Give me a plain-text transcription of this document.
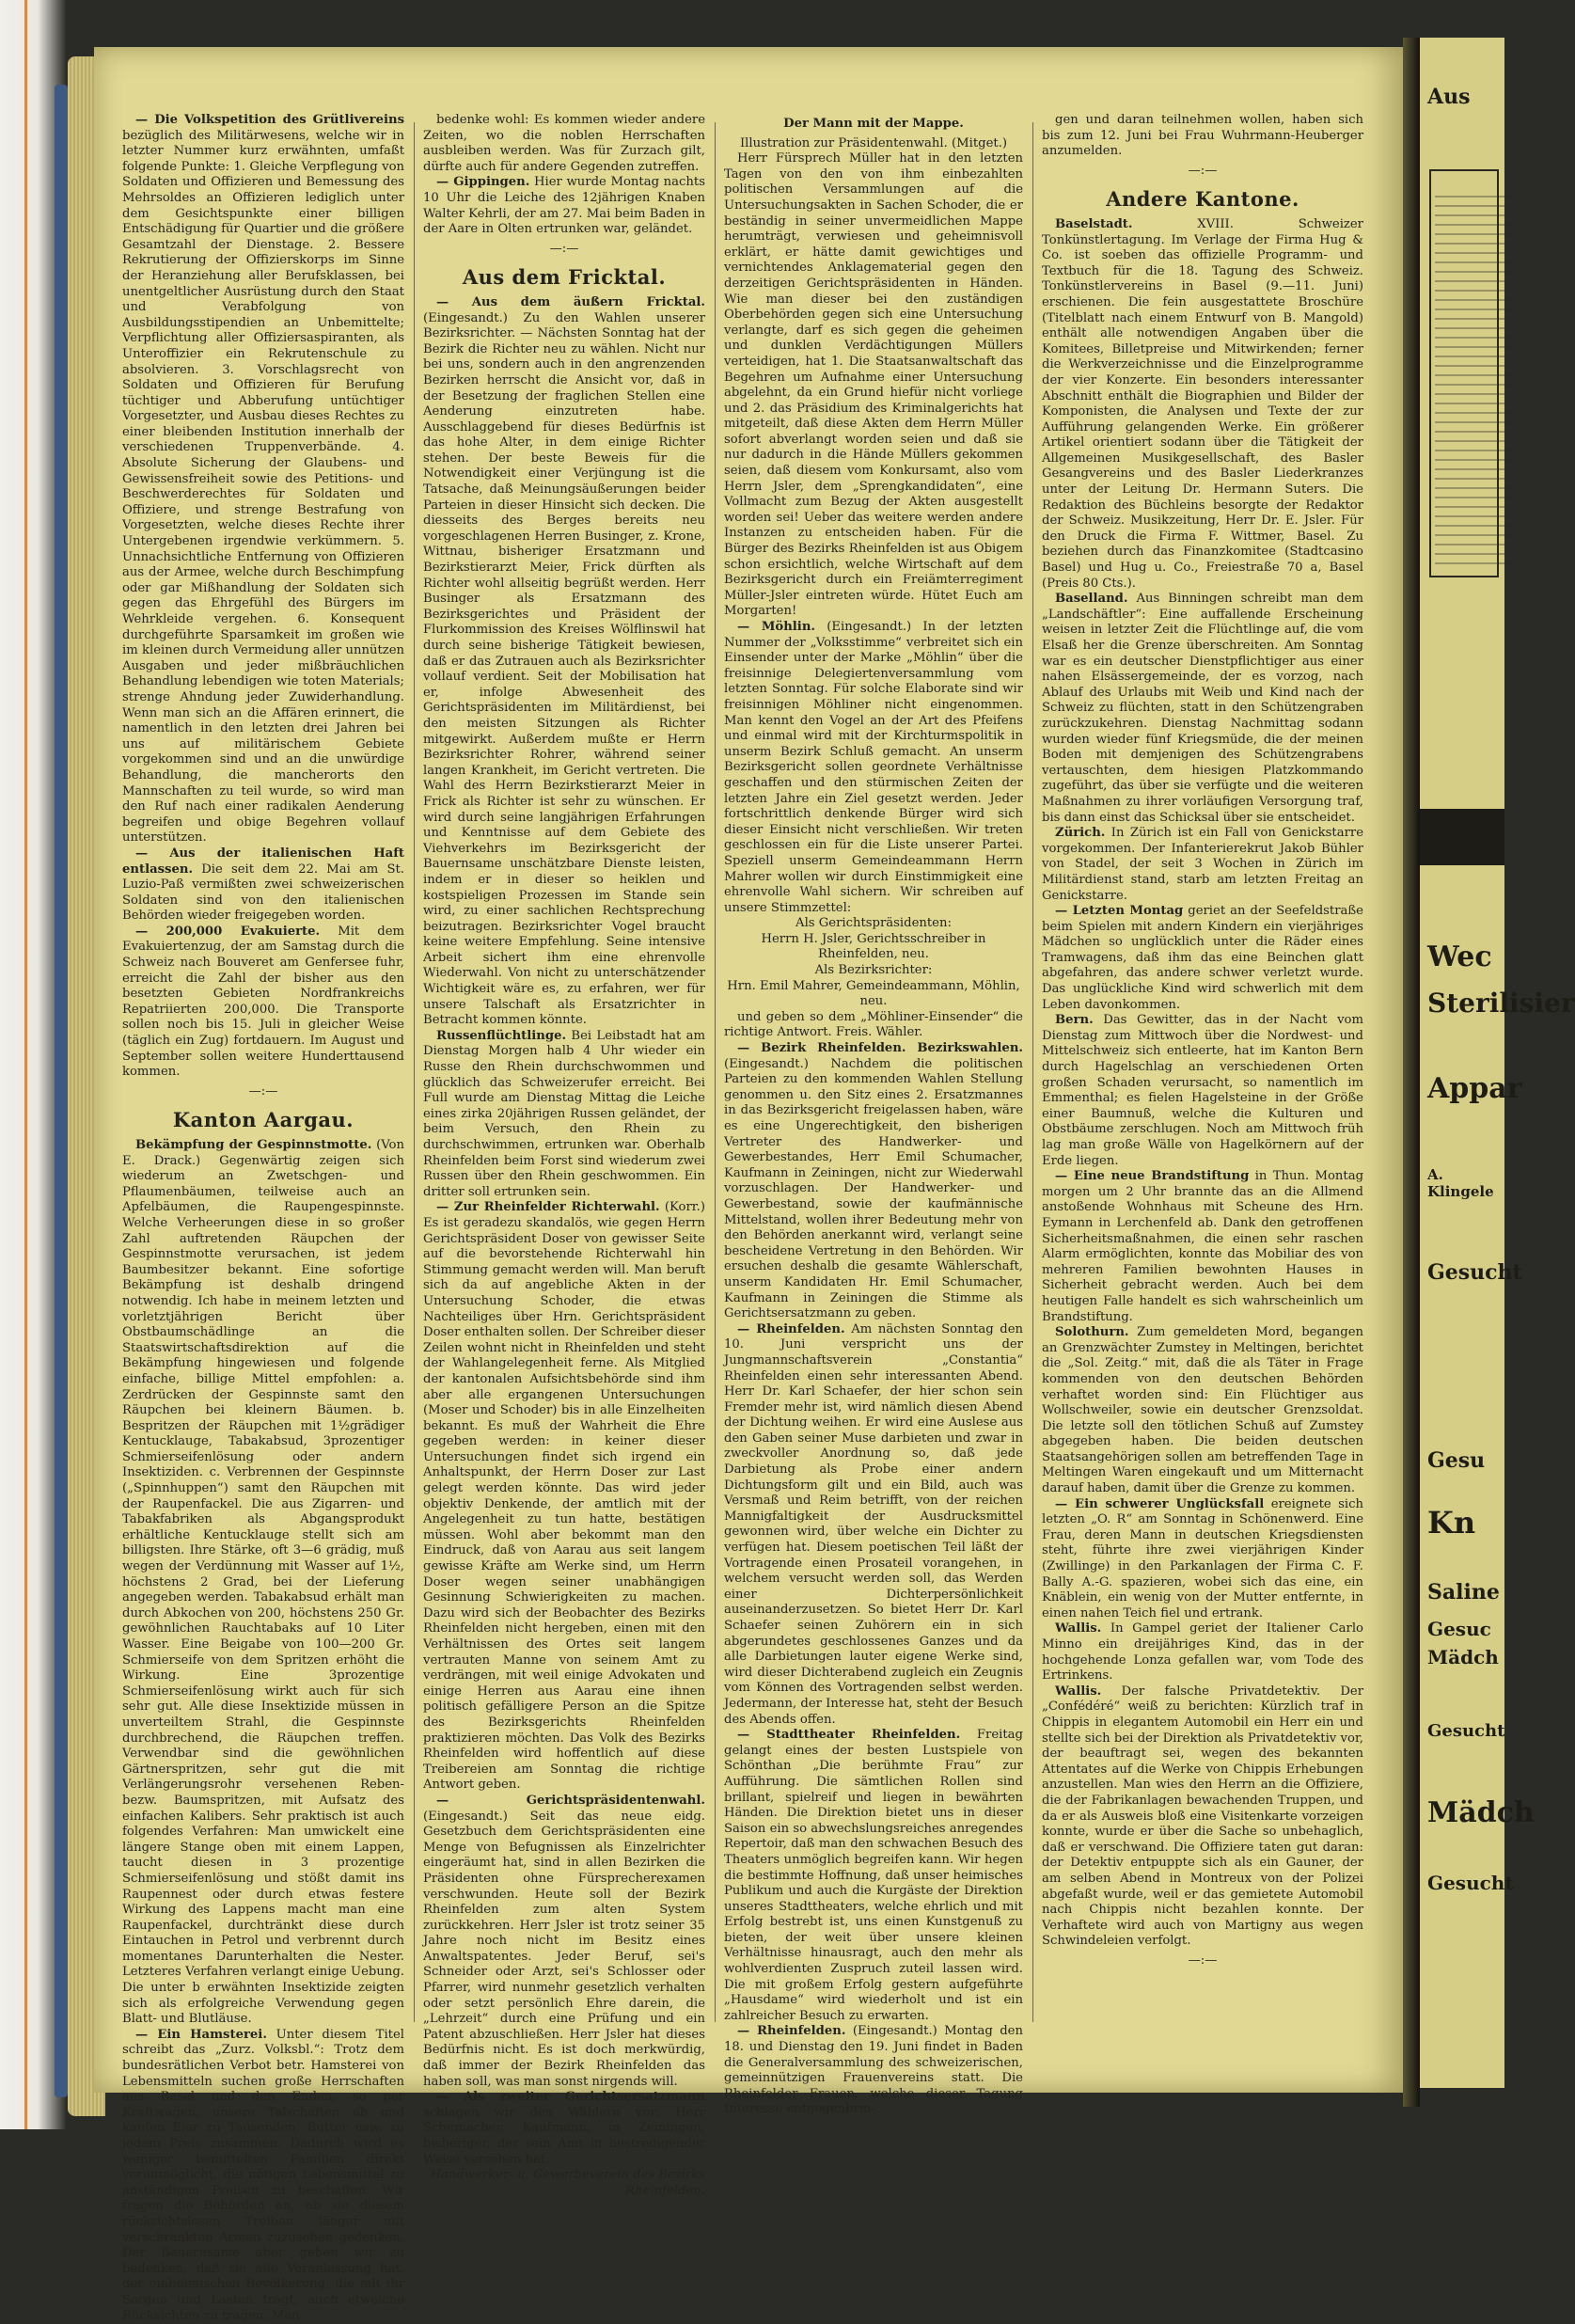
— Die Volkspetition des Grütlivereins bezüglich des Militärwesens, welche wir in letzter Nummer kurz erwähnten, umfaßt folgende Punkte: 1. Gleiche Verpflegung von Soldaten und Offizieren und Bemessung des Mehrsoldes an Offizieren lediglich unter dem Gesichtspunkte einer billigen Entschädigung für Quartier und die größere Gesamtzahl der Dienstage. 2. Bessere Rekrutierung der Offizierskorps im Sinne der Heranziehung aller Berufsklassen, bei unentgeltlicher Ausrüstung durch den Staat und Verabfolgung von Ausbildungsstipendien an Unbemittelte; Verpflichtung aller Offiziersaspiranten, als Unteroffizier ein Rekrutenschule zu absolvieren. 3. Vorschlagsrecht von Soldaten und Offizieren für Berufung tüchtiger und Abberufung untüchtiger Vorgesetzter, und Ausbau dieses Rechtes zu einer bleibenden Institution innerhalb der verschiedenen Truppenverbände. 4. Absolute Sicherung der Glaubens- und Gewissensfreiheit sowie des Petitions- und Beschwerderechtes für Soldaten und Offiziere, und strenge Bestrafung von Vorgesetzten, welche dieses Rechte ihrer Untergebenen irgendwie verkümmern. 5. Unnachsichtliche Entfernung von Offizieren aus der Armee, welche durch Beschimpfung oder gar Mißhandlung der Soldaten sich gegen das Ehrgefühl des Bürgers im Wehrkleide vergehen. 6. Konsequent durchgeführte Sparsamkeit im großen wie im kleinen durch Vermeidung aller unnützen Ausgaben und jeder mißbräuchlichen Behandlung lebendigen wie toten Materials; strenge Ahndung jeder Zuwiderhandlung. Wenn man sich an die Affären erinnert, die namentlich in den letzten drei Jahren bei uns auf militärischem Gebiete vorgekommen sind und an die unwürdige Behandlung, die mancherorts den Mannschaften zu teil wurde, so wird man den Ruf nach einer radikalen Aenderung begreifen und obige Begehren vollauf unterstützen.

— Aus der italienischen Haft entlassen. Die seit dem 22. Mai am St. Luzio-Paß vermißten zwei schweizerischen Soldaten sind von den italienischen Behörden wieder freigegeben worden.

— 200,000 Evakuierte. Mit dem Evakuiertenzug, der am Samstag durch die Schweiz nach Bouveret am Genfersee fuhr, erreicht die Zahl der bisher aus den besetzten Gebieten Nordfrankreichs Repatriierten 200,000. Die Transporte sollen noch bis 15. Juli in gleicher Weise (täglich ein Zug) fortdauern. Im August und September sollen weitere Hunderttausend kommen.

—:—
Kanton Aargau.

Bekämpfung der Gespinnstmotte. (Von E. Drack.) Gegenwärtig zeigen sich wiederum an Zwetschgen- und Pflaumenbäumen, teilweise auch an Apfelbäumen, die Raupengespinnste. Welche Verheerungen diese in so großer Zahl auftretenden Räupchen der Gespinnstmotte verursachen, ist jedem Baumbesitzer bekannt. Eine sofortige Bekämpfung ist deshalb dringend notwendig. Ich habe in meinem letzten und vorletztjährigen Bericht über Obstbaumschädlinge an die Staatswirtschaftsdirektion auf die Bekämpfung hingewiesen und folgende einfache, billige Mittel empfohlen: a. Zerdrücken der Gespinnste samt den Räupchen bei kleinern Bäumen. b. Bespritzen der Räupchen mit 1½grädiger Kentucklauge, Tabakabsud, 3prozentiger Schmierseifenlösung oder andern Insektiziden. c. Verbrennen der Gespinnste („Spinnhuppen“) samt den Räupchen mit der Raupenfackel. Die aus Zigarren- und Tabakfabriken als Abgangsprodukt erhältliche Kentucklauge stellt sich am billigsten. Ihre Stärke, oft 3—6 grädig, muß wegen der Verdünnung mit Wasser auf 1½, höchstens 2 Grad, bei der Lieferung angegeben werden. Tabakabsud erhält man durch Abkochen von 200, höchstens 250 Gr. gewöhnlichen Rauchtabaks auf 10 Liter Wasser. Eine Beigabe von 100—200 Gr. Schmierseife von dem Spritzen erhöht die Wirkung. Eine 3prozentige Schmierseifenlösung wirkt auch für sich sehr gut. Alle diese Insektizide müssen in unverteiltem Strahl, die Gespinnste durchbrechend, die Räupchen treffen. Verwendbar sind die gewöhnlichen Gärtnerspritzen, sehr gut die mit Verlängerungsrohr versehenen Reben- bezw. Baumspritzen, mit Aufsatz des einfachen Kalibers. Sehr praktisch ist auch folgendes Verfahren: Man umwickelt eine längere Stange oben mit einem Lappen, taucht diesen in 3 prozentige Schmierseifenlösung und stößt damit ins Raupennest oder durch etwas festere Wirkung des Lappens macht man eine Raupenfackel, durchtränkt diese durch Eintauchen in Petrol und verbrennt durch momentanes Darunterhalten die Nester. Letzteres Verfahren verlangt einige Uebung. Die unter b erwähnten Insektizide zeigten sich als erfolgreiche Verwendung gegen Blatt- und Blutläuse.

— Ein Hamsterei. Unter diesem Titel schreibt das „Zurz. Volksbl.“: Trotz dem bundesrätlichen Verbot betr. Hamsterei von Lebensmitteln suchen große Herrschaften aus Basel und den Enden, so per Kraftwagen, unsere Talschaften ab und kaufen Eier zu Tausenden, Butter usw. zu jedem Preis zusammen. Dadurch wird es weniger bemittelten Familien direkt verunmöglicht, die nötigen Lebensmittel zu anständigen Preisen zu beschaffen. Wir fragen die Behörden an, ob sie diesem rücksichtslosen Treiben länger mit verschränkten Armen zuzusehen gedenken. Der Bauernsame aber geben wir zu bedenken, daß sie alle Veranlassung hat, der einheimischen Bevölkerung, die mit ihr Sorgen und Lasten trägt, auch etwelche Rücksichten zu tragen. Man

bedenke wohl: Es kommen wieder andere Zeiten, wo die noblen Herrschaften ausbleiben werden. Was für Zurzach gilt, dürfte auch für andere Gegenden zutreffen.

— Gippingen. Hier wurde Montag nachts 10 Uhr die Leiche des 12jährigen Knaben Walter Kehrli, der am 27. Mai beim Baden in der Aare in Olten ertrunken war, geländet.

—:—
Aus dem Fricktal.

— Aus dem äußern Fricktal. (Eingesandt.) Zu den Wahlen unserer Bezirksrichter. — Nächsten Sonntag hat der Bezirk die Richter neu zu wählen. Nicht nur bei uns, sondern auch in den angrenzenden Bezirken herrscht die Ansicht vor, daß in der Besetzung der fraglichen Stellen eine Aenderung einzutreten habe. Ausschlaggebend für dieses Bedürfnis ist das hohe Alter, in dem einige Richter stehen. Der beste Beweis für die Notwendigkeit einer Verjüngung ist die Tatsache, daß Meinungsäußerungen beider Parteien in dieser Hinsicht sich decken. Die diesseits des Berges bereits neu vorgeschlagenen Herren Businger, z. Krone, Wittnau, bisheriger Ersatzmann und Bezirkstierarzt Meier, Frick dürften als Richter wohl allseitig begrüßt werden. Herr Businger als Ersatzmann des Bezirksgerichtes und Präsident der Flurkommission des Kreises Wölflinswil hat durch seine bisherige Tätigkeit bewiesen, daß er das Zutrauen auch als Bezirksrichter vollauf verdient. Seit der Mobilisation hat er, infolge Abwesenheit des Gerichtspräsidenten im Militärdienst, bei den meisten Sitzungen als Richter mitgewirkt. Außerdem mußte er Herrn Bezirksrichter Rohrer, während seiner langen Krankheit, im Gericht vertreten. Die Wahl des Herrn Bezirkstierarzt Meier in Frick als Richter ist sehr zu wünschen. Er wird durch seine langjährigen Erfahrungen und Kenntnisse auf dem Gebiete des Viehverkehrs im Bezirksgericht der Bauernsame unschätzbare Dienste leisten, indem er in dieser so heiklen und kostspieligen Prozessen im Stande sein wird, zu einer sachlichen Rechtsprechung beizutragen. Bezirksrichter Vogel braucht keine weitere Empfehlung. Seine intensive Arbeit sichert ihm eine ehrenvolle Wiederwahl. Von nicht zu unterschätzender Wichtigkeit wäre es, zu erfahren, wer für unsere Talschaft als Ersatzrichter in Betracht kommen könnte.

Russenflüchtlinge. Bei Leibstadt hat am Dienstag Morgen halb 4 Uhr wieder ein Russe den Rhein durchschwommen und glücklich das Schweizerufer erreicht. Bei Full wurde am Dienstag Mittag die Leiche eines zirka 20jährigen Russen geländet, der beim Versuch, den Rhein zu durchschwimmen, ertrunken war. Oberhalb Rheinfelden beim Forst sind wiederum zwei Russen über den Rhein geschwommen. Ein dritter soll ertrunken sein.

— Zur Rheinfelder Richterwahl. (Korr.) Es ist geradezu skandalös, wie gegen Herrn Gerichtspräsident Doser von gewisser Seite auf die bevorstehende Richterwahl hin Stimmung gemacht werden will. Man beruft sich da auf angebliche Akten in der Untersuchung Schoder, die etwas Nachteiliges über Hrn. Gerichtspräsident Doser enthalten sollen. Der Schreiber dieser Zeilen wohnt nicht in Rheinfelden und steht der Wahlangelegenheit ferne. Als Mitglied der kantonalen Aufsichtsbehörde sind ihm aber alle ergangenen Untersuchungen (Moser und Schoder) bis in alle Einzelheiten bekannt. Es muß der Wahrheit die Ehre gegeben werden: in keiner dieser Untersuchungen findet sich irgend ein Anhaltspunkt, der Herrn Doser zur Last gelegt werden könnte. Das wird jeder objektiv Denkende, der amtlich mit der Angelegenheit zu tun hatte, bestätigen müssen. Wohl aber bekommt man den Eindruck, daß von Aarau aus seit langem gewisse Kräfte am Werke sind, um Herrn Doser wegen seiner unabhängigen Gesinnung Schwierigkeiten zu machen. Dazu wird sich der Beobachter des Bezirks Rheinfelden nicht hergeben, einen mit den Verhältnissen des Ortes seit langem vertrauten Manne von seinem Amt zu verdrängen, mit weil einige Advokaten und einige Herren aus Aarau eine ihnen politisch gefälligere Person an die Spitze des Bezirksgerichts Rheinfelden praktizieren möchten. Das Volk des Bezirks Rheinfelden wird hoffentlich auf diese Treibereien am Sonntag die richtige Antwort geben.

— Gerichtspräsidentenwahl. (Eingesandt.) Seit das neue eidg. Gesetzbuch dem Gerichtspräsidenten eine Menge von Befugnissen als Einzelrichter eingeräumt hat, sind in allen Bezirken die Präsidenten ohne Fürsprecherexamen verschwunden. Heute soll der Bezirk Rheinfelden zum alten System zurückkehren. Herr Jsler ist trotz seiner 35 Jahre noch nicht im Besitz eines Anwaltspatentes. Jeder Beruf, sei's Schneider oder Arzt, sei's Schlosser oder Pfarrer, wird nunmehr gesetzlich verhalten oder setzt persönlich Ehre darein, die „Lehrzeit“ durch eine Prüfung und ein Patent abzuschließen. Herr Jsler hat dieses Bedürfnis nicht. Es ist doch merkwürdig, daß immer der Bezirk Rheinfelden das haben soll, was man sonst nirgends will.

— Als zweiter Gerichtsersatzmann schlagen wir den Wählern vor: Herr Schumacher, Kaufmann, in Zeiningen, bisheriger, der sein Amt in bestredigender Weise versehen hat.

Handwerker- u. Gewerbeverein des Bezirks Rheinfelden.
Der Mann mit der Mappe.
Illustration zur Präsidentenwahl. (Mitget.)

Herr Fürsprech Müller hat in den letzten Tagen von den von ihm einbezahlten politischen Versammlungen auf die Untersuchungsakten in Sachen Schoder, die er beständig in seiner unvermeidlichen Mappe herumträgt, verwiesen und geheimnisvoll erklärt, er hätte damit gewichtiges und vernichtendes Anklagematerial gegen den derzeitigen Gerichtspräsidenten in Händen. Wie man dieser bei den zuständigen Oberbehörden gegen sich eine Untersuchung verlangte, darf es sich gegen die geheimen und dunklen Verdächtigungen Müllers verteidigen, hat 1. Die Staatsanwaltschaft das Begehren um Aufnahme einer Untersuchung abgelehnt, da ein Grund hiefür nicht vorliege und 2. das Präsidium des Kriminalgerichts hat mitgeteilt, daß diese Akten dem Herrn Müller sofort abverlangt worden seien und daß sie nur dadurch in die Hände Müllers gekommen seien, daß diesem vom Konkursamt, also vom Herrn Jsler, dem „Sprengkandidaten“, eine Vollmacht zum Bezug der Akten ausgestellt worden sei! Ueber das weitere werden andere Instanzen zu entscheiden haben. Für die Bürger des Bezirks Rheinfelden ist aus Obigem schon ersichtlich, welche Wirtschaft auf dem Bezirksgericht durch ein Freiämterregiment Müller-Jsler eintreten würde. Hütet Euch am Morgarten!

— Möhlin. (Eingesandt.) In der letzten Nummer der „Volksstimme“ verbreitet sich ein Einsender unter der Marke „Möhlin“ über die freisinnige Delegiertenversammlung vom letzten Sonntag. Für solche Elaborate sind wir freisinnigen Möhliner nicht eingenommen. Man kennt den Vogel an der Art des Pfeifens und einmal wird mit der Kirchturmspolitik in unserm Bezirk Schluß gemacht. An unserm Bezirksgericht sollen geordnete Verhältnisse geschaffen und den stürmischen Zeiten der letzten Jahre ein Ziel gesetzt werden. Jeder fortschrittlich denkende Bürger wird sich dieser Einsicht nicht verschließen. Wir treten geschlossen ein für die Liste unserer Partei. Speziell unserm Gemeindeammann Herrn Mahrer wollen wir durch Einstimmigkeit eine ehrenvolle Wahl sichern. Wir schreiben auf unsere Stimmzettel:

Als Gerichtspräsidenten:
Herrn H. Jsler, Gerichtsschreiber in Rheinfelden, neu.
Als Bezirksrichter:
Hrn. Emil Mahrer, Gemeindeammann, Möhlin, neu.

und geben so dem „Möhliner-Einsender“ die richtige Antwort. Freis. Wähler.

— Bezirk Rheinfelden. Bezirkswahlen. (Eingesandt.) Nachdem die politischen Parteien zu den kommenden Wahlen Stellung genommen u. den Sitz eines 2. Ersatzmannes in das Bezirksgericht freigelassen haben, wäre es eine Ungerechtigkeit, den bisherigen Vertreter des Handwerker- und Gewerbestandes, Herr Emil Schumacher, Kaufmann in Zeiningen, nicht zur Wiederwahl vorzuschlagen. Der Handwerker- und Gewerbestand, sowie der kaufmännische Mittelstand, wollen ihrer Bedeutung mehr von den Behörden anerkannt wird, verlangt seine bescheidene Vertretung in den Behörden. Wir ersuchen deshalb die gesamte Wählerschaft, unserm Kandidaten Hr. Emil Schumacher, Kaufmann in Zeiningen die Stimme als Gerichtsersatzmann zu geben.

— Rheinfelden. Am nächsten Sonntag den 10. Juni verspricht uns der Jungmannschaftsverein „Constantia“ Rheinfelden einen sehr interessanten Abend. Herr Dr. Karl Schaefer, der hier schon sein Fremder mehr ist, wird nämlich diesen Abend der Dichtung weihen. Er wird eine Auslese aus den Gaben seiner Muse darbieten und zwar in zweckvoller Anordnung so, daß jede Darbietung als Probe einer andern Dichtungsform gilt und ein Bild, auch was Versmaß und Reim betrifft, von der reichen Mannigfaltigkeit der Ausdrucksmittel gewonnen wird, über welche ein Dichter zu verfügen hat. Diesem poetischen Teil läßt der Vortragende einen Prosateil vorangehen, in welchem versucht werden soll, das Werden einer Dichterpersönlichkeit auseinanderzusetzen. So bietet Herr Dr. Karl Schaefer seinen Zuhörern ein in sich abgerundetes geschlossenes Ganzes und da alle Darbietungen lauter eigene Werke sind, wird dieser Dichterabend zugleich ein Zeugnis vom Können des Vortragenden selbst werden. Jedermann, der Interesse hat, steht der Besuch des Abends offen.

— Stadttheater Rheinfelden. Freitag gelangt eines der besten Lustspiele von Schönthan „Die berühmte Frau“ zur Aufführung. Die sämtlichen Rollen sind brillant, spielreif und liegen in bewährten Händen. Die Direktion bietet uns in dieser Saison ein so abwechslungsreiches anregendes Repertoir, daß man den schwachen Besuch des Theaters unmöglich begreifen kann. Wir hegen die bestimmte Hoffnung, daß unser heimisches Publikum und auch die Kurgäste der Direktion unseres Stadttheaters, welche ehrlich und mit Erfolg bestrebt ist, uns einen Kunstgenuß zu bieten, der weit über unsere kleinen Verhältnisse hinausragt, auch den mehr als wohlverdienten Zuspruch zuteil lassen wird. Die mit großem Erfolg gestern aufgeführte „Hausdame“ wird wiederholt und ist ein zahlreicher Besuch zu erwarten.

— Rheinfelden. (Eingesandt.) Montag den 18. und Dienstag den 19. Juni findet in Baden die Generalversammlung des schweizerischen, gemeinnützigen Frauenvereins statt. Die Rheinfelder Frauen, welche dieser Tagung Interesse entgegenbrin-

gen und daran teilnehmen wollen, haben sich bis zum 12. Juni bei Frau Wuhrmann-Heuberger anzumelden.

—:—
Andere Kantone.

Baselstadt. XVIII. Schweizer Tonkünstlertagung. Im Verlage der Firma Hug & Co. ist soeben das offizielle Programm- und Textbuch für die 18. Tagung des Schweiz. Tonkünstlervereins in Basel (9.—11. Juni) erschienen. Die fein ausgestattete Broschüre (Titelblatt nach einem Entwurf von B. Mangold) enthält alle notwendigen Angaben über die Komitees, Billetpreise und Mitwirkenden; ferner die Werkverzeichnisse und die Einzelprogramme der vier Konzerte. Ein besonders interessanter Abschnitt enthält die Biographien und Bilder der Komponisten, die Analysen und Texte der zur Aufführung gelangenden Werke. Ein größerer Artikel orientiert sodann über die Tätigkeit der Allgemeinen Musikgesellschaft, des Basler Gesangvereins und des Basler Liederkranzes unter der Leitung Dr. Hermann Suters. Die Redaktion des Büchleins besorgte der Redaktor der Schweiz. Musikzeitung, Herr Dr. E. Jsler. Für den Druck die Firma F. Wittmer, Basel. Zu beziehen durch das Finanzkomitee (Stadtcasino Basel) und Hug u. Co., Freiestraße 70 a, Basel (Preis 80 Cts.).

Baselland. Aus Binningen schreibt man dem „Landschäftler“: Eine auffallende Erscheinung weisen in letzter Zeit die Flüchtlinge auf, die vom Elsaß her die Grenze überschreiten. Am Sonntag war es ein deutscher Dienstpflichtiger aus einer nahen Elsässergemeinde, der es vorzog, nach Ablauf des Urlaubs mit Weib und Kind nach der Schweiz zu flüchten, statt in den Schützengraben zurückzukehren. Dienstag Nachmittag sodann wurden wieder fünf Kriegsmüde, die der meinen Boden mit demjenigen des Schützengrabens vertauschten, dem hiesigen Platzkommando zugeführt, das über sie verfügte und die weiteren Maßnahmen zu ihrer vorläufigen Versorgung traf, bis dann einst das Schicksal über sie entscheidet.

Zürich. In Zürich ist ein Fall von Genickstarre vorgekommen. Der Infanterierekrut Jakob Bühler von Stadel, der seit 3 Wochen in Zürich im Militärdienst stand, starb am letzten Freitag an Genickstarre.

— Letzten Montag geriet an der Seefeldstraße beim Spielen mit andern Kindern ein vierjähriges Mädchen so unglücklich unter die Räder eines Tramwagens, daß ihm das eine Beinchen glatt abgefahren, das andere schwer verletzt wurde. Das unglückliche Kind wird schwerlich mit dem Leben davonkommen.

Bern. Das Gewitter, das in der Nacht vom Dienstag zum Mittwoch über die Nordwest- und Mittelschweiz sich entleerte, hat im Kanton Bern durch Hagelschlag an verschiedenen Orten großen Schaden verursacht, so namentlich im Emmenthal; es fielen Hagelsteine in der Größe einer Baumnuß, welche die Kulturen und Obstbäume zerschlugen. Noch am Mittwoch früh lag man große Wälle von Hagelkörnern auf der Erde liegen.

— Eine neue Brandstiftung in Thun. Montag morgen um 2 Uhr brannte das an die Allmend anstoßende Wohnhaus mit Scheune des Hrn. Eymann in Lerchenfeld ab. Dank den getroffenen Sicherheitsmaßnahmen, die einen sehr raschen Alarm ermöglichten, konnte das Mobiliar des von mehreren Familien bewohnten Hauses in Sicherheit gebracht werden. Auch bei dem heutigen Falle handelt es sich wahrscheinlich um Brandstiftung.

Solothurn. Zum gemeldeten Mord, begangen an Grenzwächter Zumstey in Meltingen, berichtet die „Sol. Zeitg.“ mit, daß die als Täter in Frage kommenden von den deutschen Behörden verhaftet worden sind: Ein Flüchtiger aus Wollschweiler, sowie ein deutscher Grenzsoldat. Die letzte soll den tötlichen Schuß auf Zumstey abgegeben haben. Die beiden deutschen Staatsangehörigen sollen am betreffenden Tage in Meltingen Waren eingekauft und um Mitternacht darauf haben, damit über die Grenze zu kommen.

— Ein schwerer Unglücksfall ereignete sich letzten „O. R“ am Sonntag in Schönenwerd. Eine Frau, deren Mann in deutschen Kriegsdiensten steht, führte ihre zwei vierjährigen Kinder (Zwillinge) in den Parkanlagen der Firma C. F. Bally A.-G. spazieren, wobei sich das eine, ein Knäblein, ein wenig von der Mutter entfernte, in einen nahen Teich fiel und ertrank.

Wallis. In Gampel geriet der Italiener Carlo Minno ein dreijähriges Kind, das in der hochgehende Lonza gefallen war, vom Tode des Ertrinkens.

Wallis. Der falsche Privatdetektiv. Der „Confédéré“ weiß zu berichten: Kürzlich traf in Chippis in elegantem Automobil ein Herr ein und stellte sich bei der Direktion als Privatdetektiv vor, der beauftragt sei, wegen des bekannten Attentates auf die Werke von Chippis Erhebungen anzustellen. Man wies den Herrn an die Offiziere, die der Fabrikanlagen bewachenden Truppen, und da er als Ausweis bloß eine Visitenkarte vorzeigen konnte, wurde er über die Sache so unbehaglich, daß er verschwand. Die Offiziere taten gut daran: der Detektiv entpuppte sich als ein Gauner, der am selben Abend in Montreux von der Polizei abgefaßt wurde, weil er das gemietete Automobil nach Chippis nicht bezahlen konnte. Der Verhaftete wird auch von Martigny aus wegen Schwindeleien verfolgt.

—:—
Aus
Wec
Sterilisier
Appar
A. Klingele
Gesucht
Gesu
Kn
Saline
Gesuc
Mädch
Gesucht
Mädch
Gesucht
